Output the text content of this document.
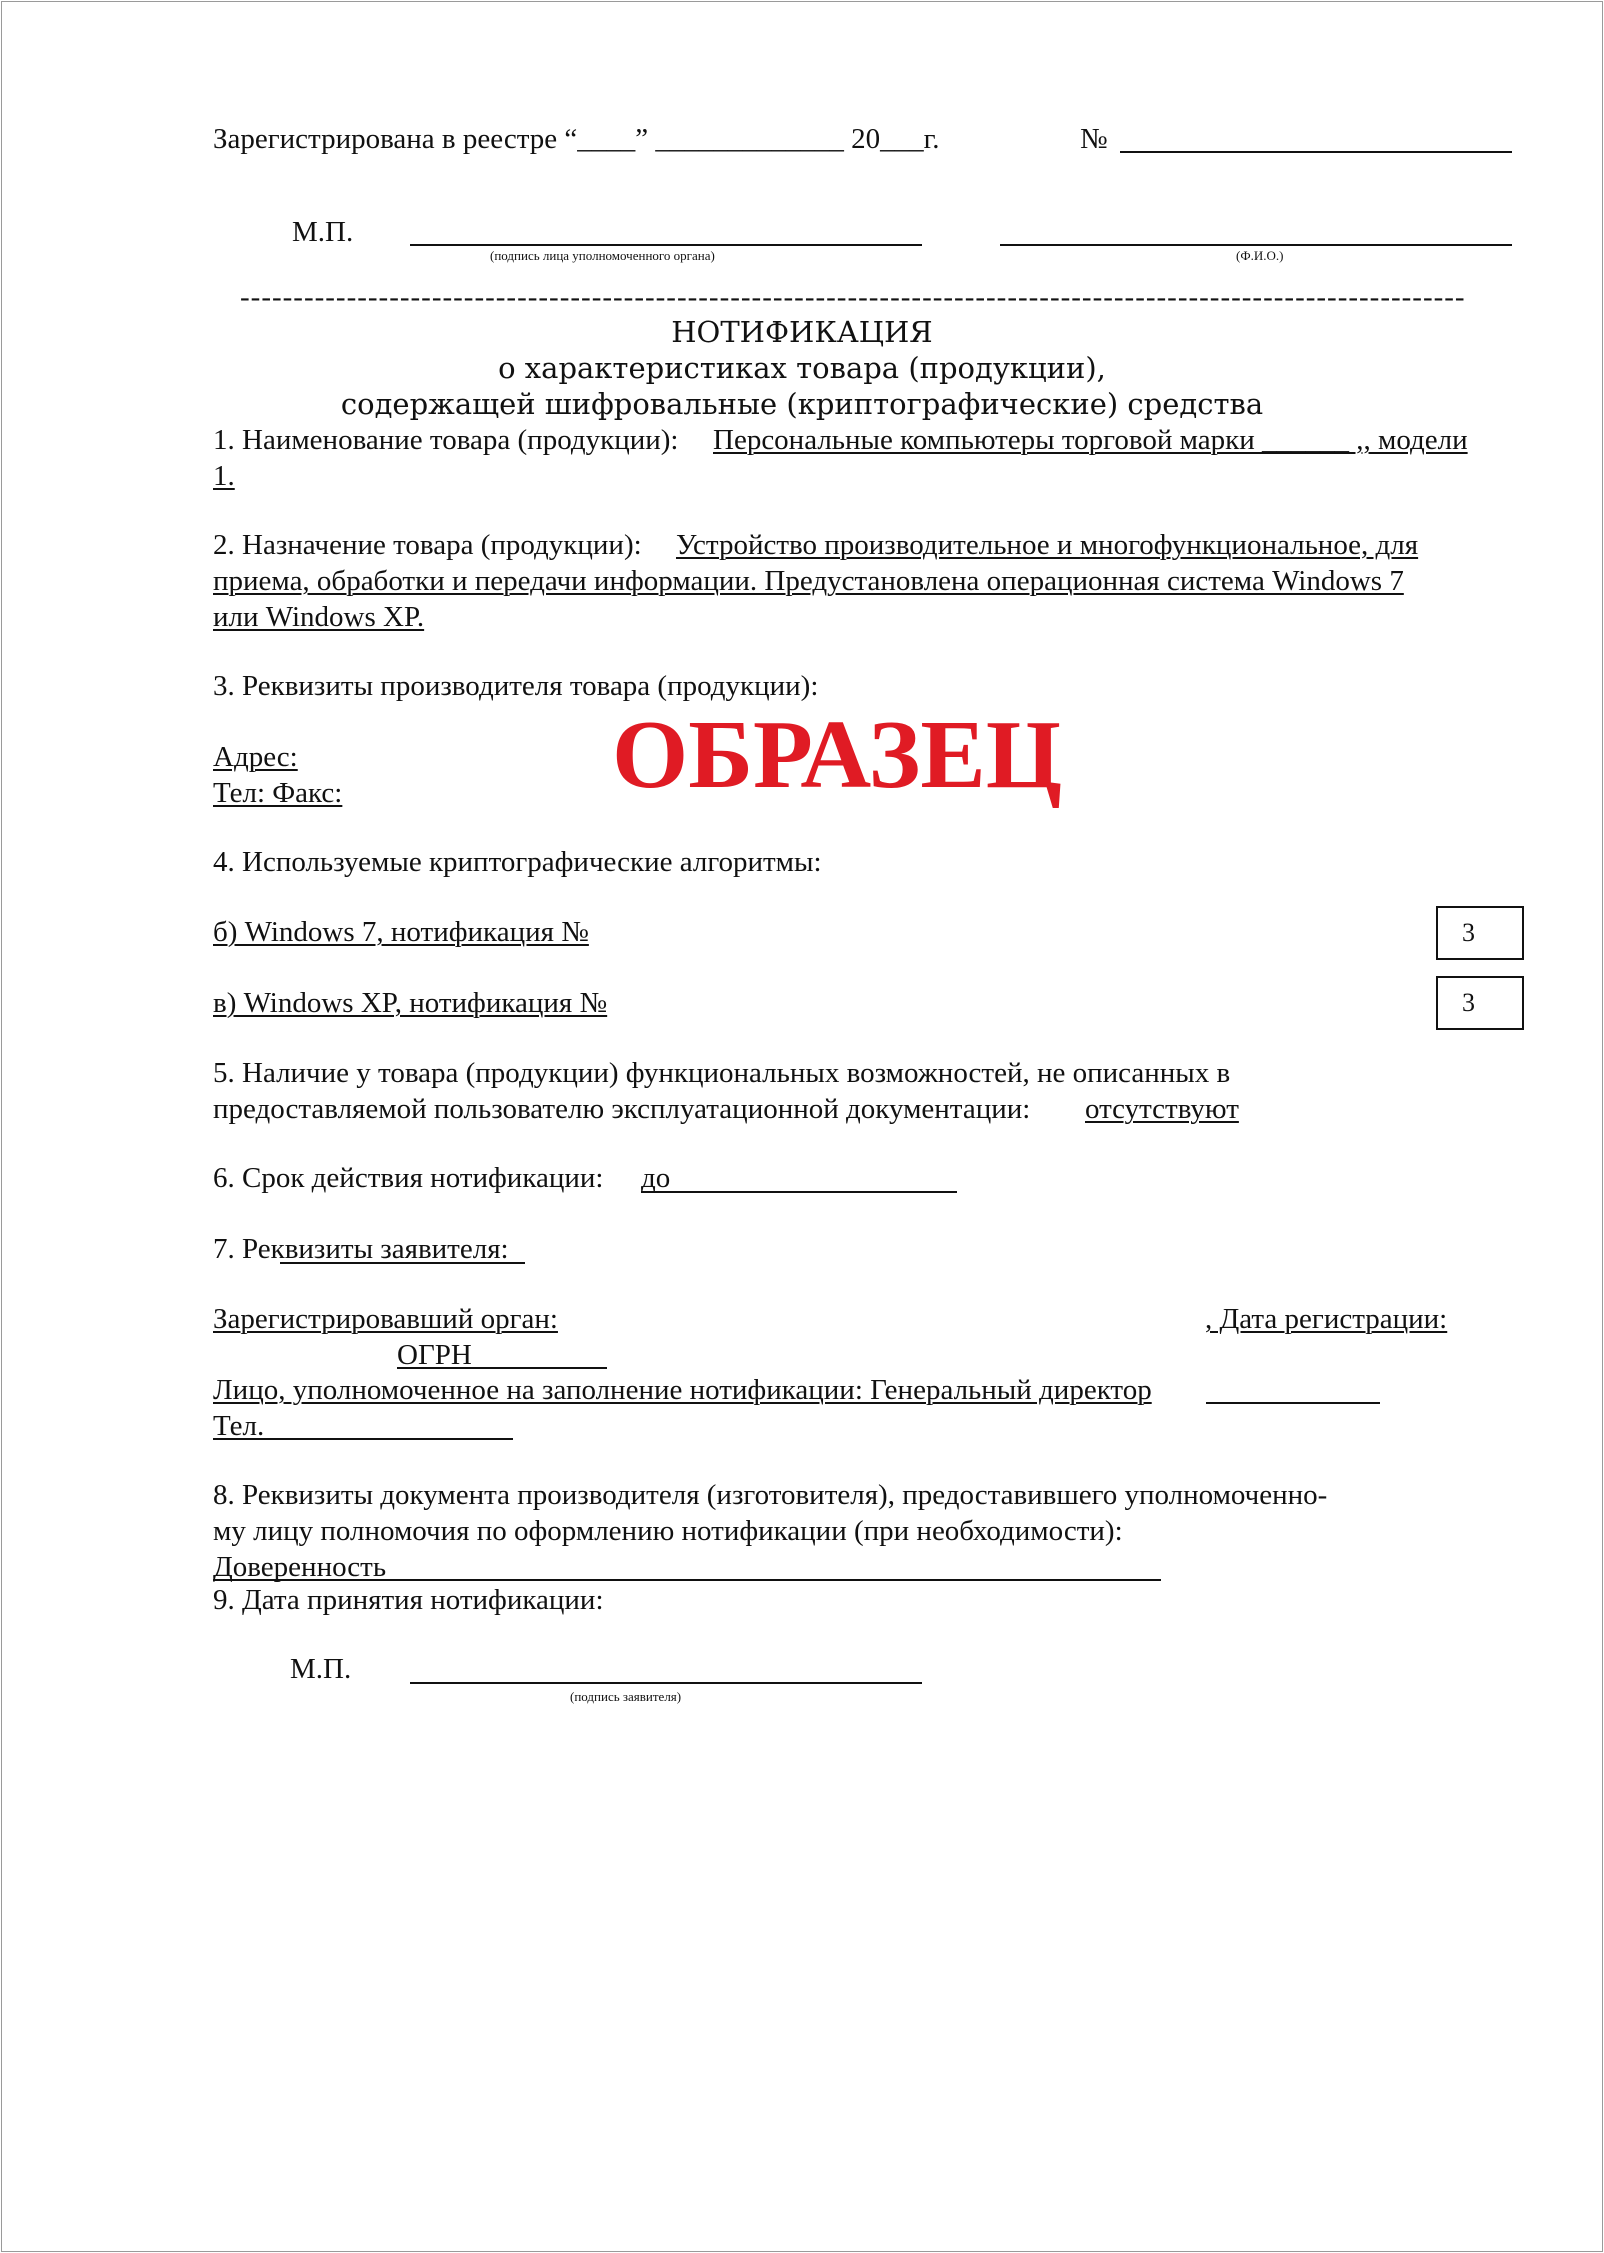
Зарегистрирована в реестре “____” _____________ 20___г.	№
М.П.
(подпись лица уполномоченного органа)	(Ф.И.О.)
-------------------------------------------------------------------------------------------------------------------
НОТИФИКАЦИЯ
о характеристиках товара (продукции),
содержащей шифровальные (криптографические) средства
1. Наименование товара (продукции): Персональные компьютеры торговой марки ______ ,, модели
1.
2. Назначение товара (продукции): Устройство производительное и многофункциональное, для
приема, обработки и передачи информации. Предустановлена операционная система Windows 7
или Windows XP.
3. Реквизиты производителя товара (продукции):
Адрес:
Тел: Факс:	ОБРАЗЕЦ
4. Используемые криптографические алгоритмы:
б) Windows 7, нотификация №	3
в) Windows XP, нотификация №	3
5. Наличие у товара (продукции) функциональных возможностей, не описанных в
предоставляемой пользователю эксплуатационной документации: отсутствуют
6. Срок действия нотификации: до
7. Реквизиты заявителя:
Зарегистрировавший орган:	, Дата регистрации:
ОГРН
Лицо, уполномоченное на заполнение нотификации: Генеральный директор
Тел.
8. Реквизиты документа производителя (изготовителя), предоставившего уполномоченно-
му лицу полномочия по оформлению нотификации (при необходимости):
Доверенность
9. Дата принятия нотификации:
М.П.
(подпись заявителя)
